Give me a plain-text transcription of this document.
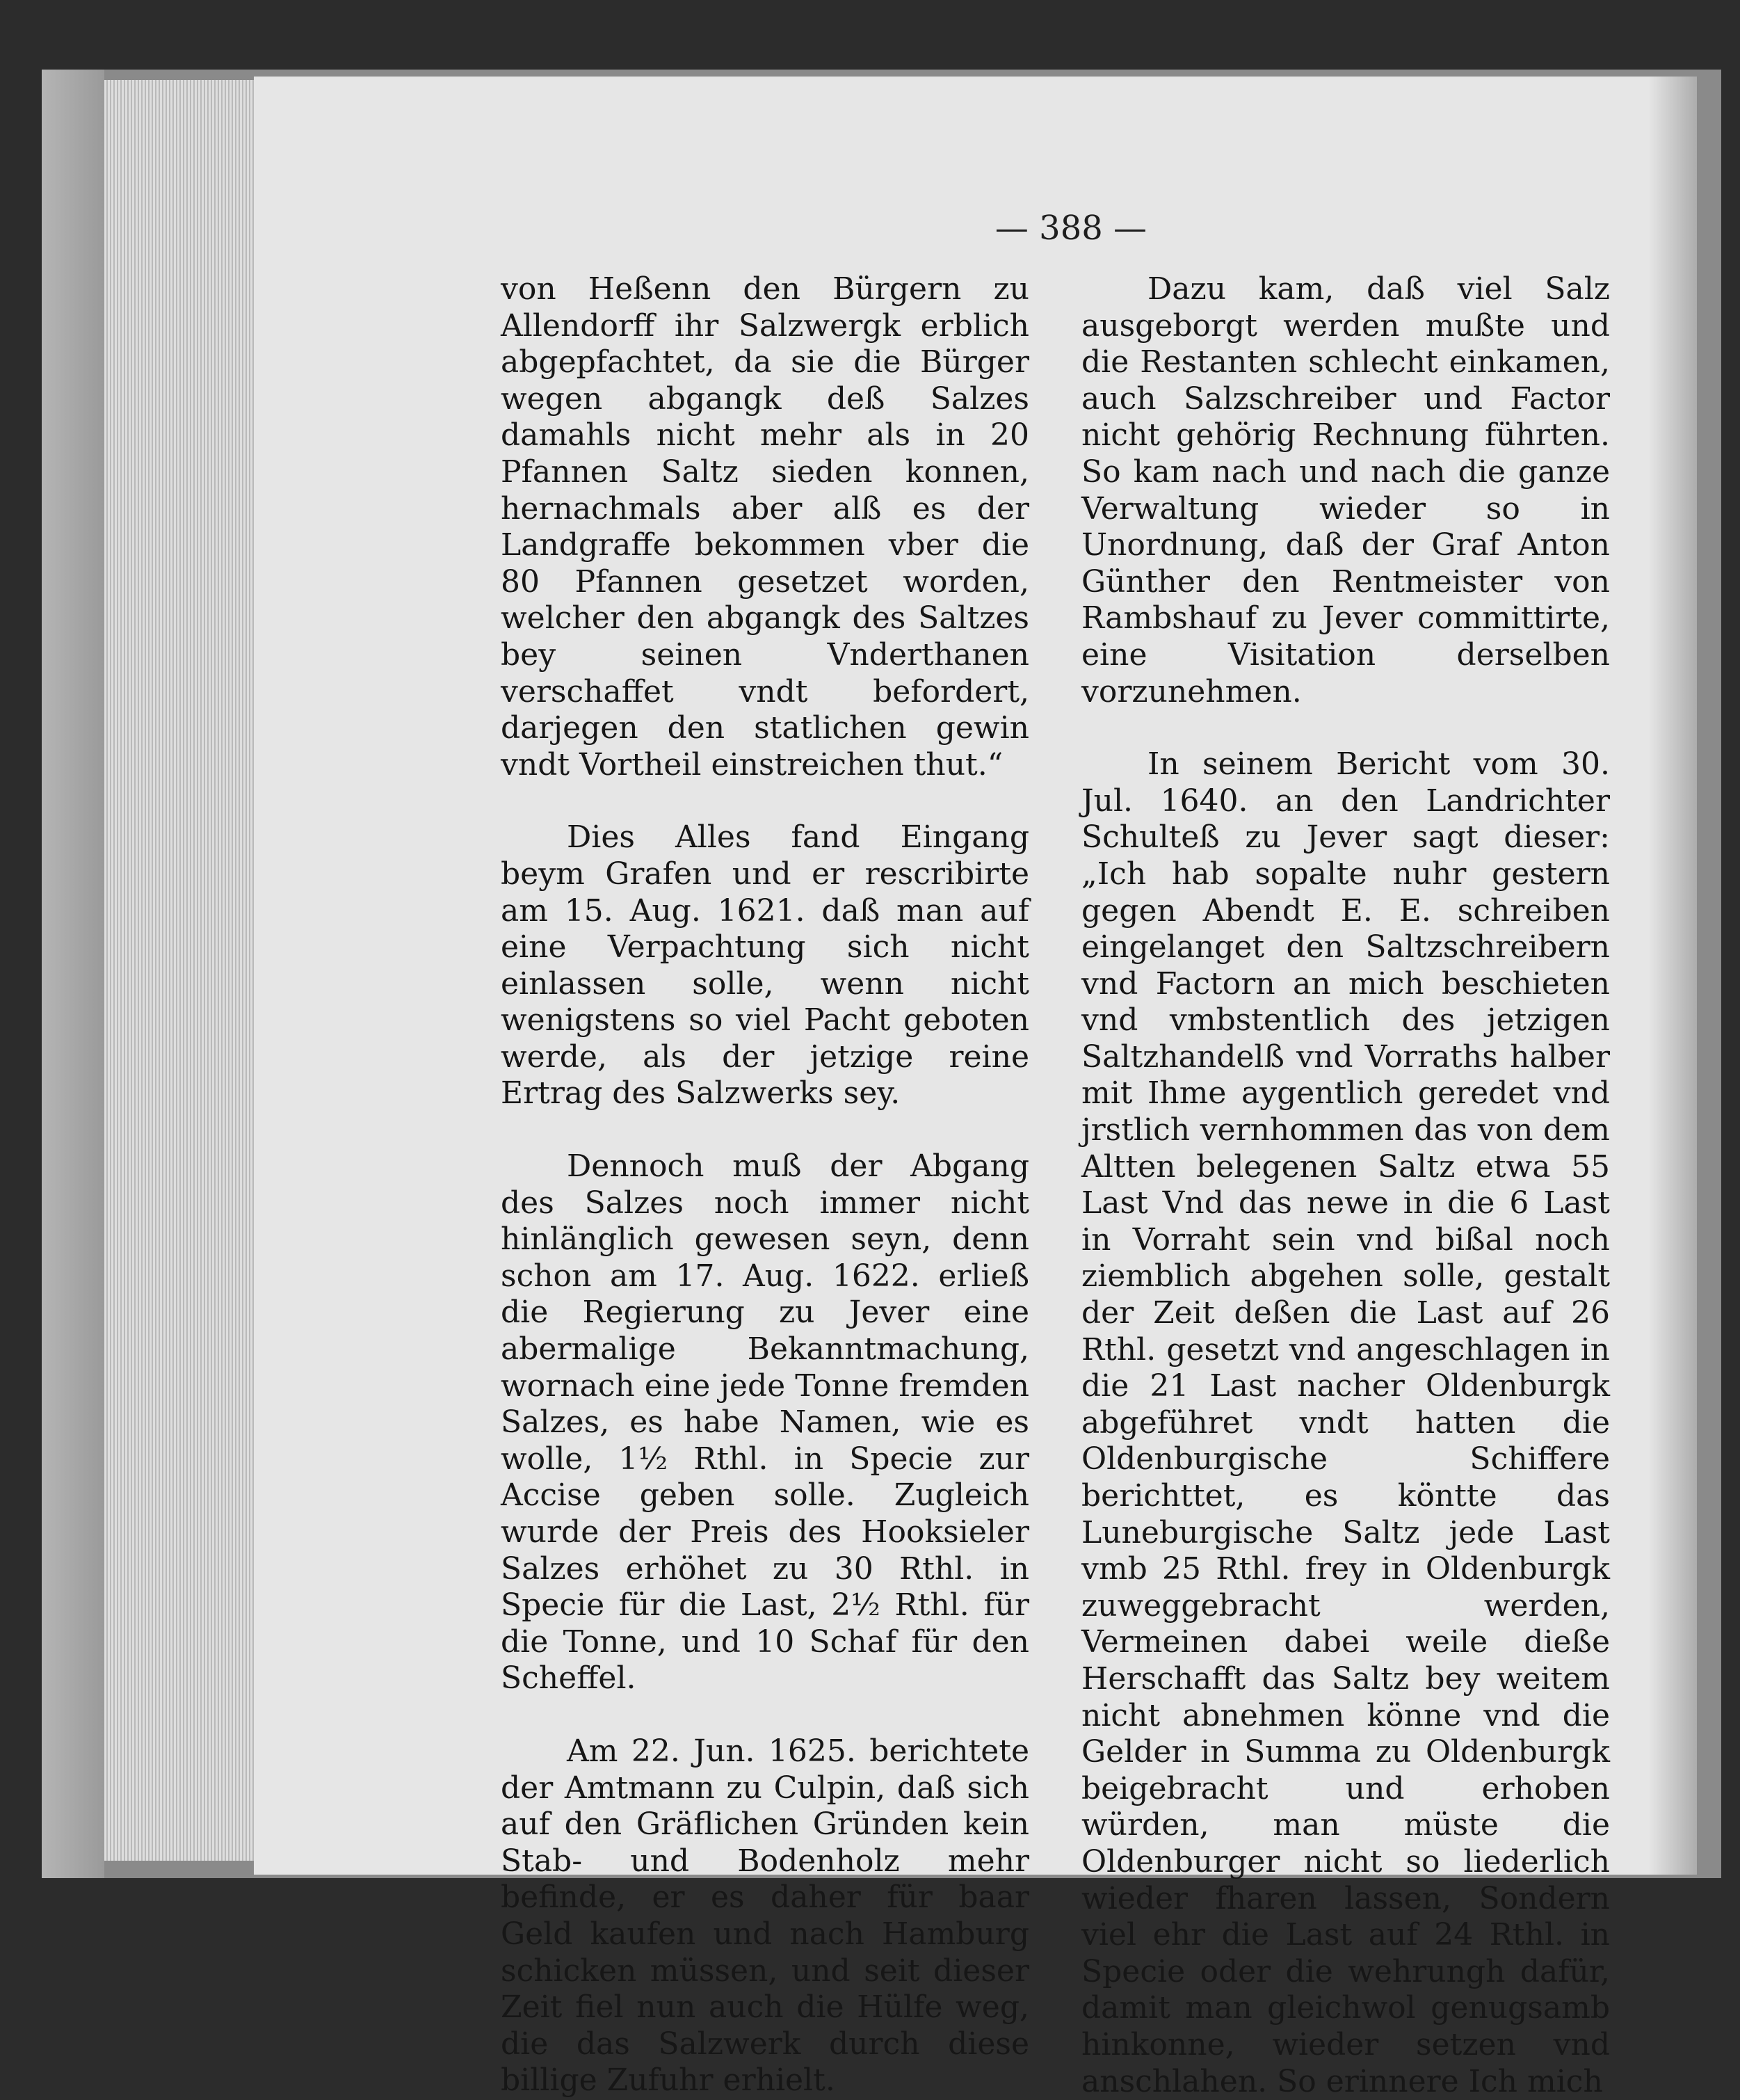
— 388 —

von Heßenn den Bürgern zu Allendorff ihr Salzwergk erblich abgepfachtet, da sie die Bürger wegen abgangk deß Salzes damahls nicht mehr als in 20 Pfannen Saltz sieden konnen, hernachmals aber alß es der Landgraffe bekommen vber die 80 Pfannen gesetzet worden, welcher den abgangk des Saltzes bey seinen Vnderthanen verschaffet vndt befordert, darjegen den statlichen gewin vndt Vortheil einstreichen thut.“

Dies Alles fand Eingang beym Grafen und er rescribirte am 15. Aug. 1621. daß man auf eine Verpachtung sich nicht einlassen solle, wenn nicht wenigstens so viel Pacht geboten werde, als der jetzige reine Ertrag des Salzwerks sey.

Dennoch muß der Abgang des Salzes noch immer nicht hinlänglich gewesen seyn, denn schon am 17. Aug. 1622. erließ die Regierung zu Jever eine abermalige Bekanntmachung, wornach eine jede Tonne fremden Salzes, es habe Namen, wie es wolle, 1½ Rthl. in Specie zur Accise geben solle. Zugleich wurde der Preis des Hooksieler Salzes erhöhet zu 30 Rthl. in Specie für die Last, 2½ Rthl. für die Tonne, und 10 Schaf für den Scheffel.

Am 22. Jun. 1625. berichtete der Amtmann zu Culpin, daß sich auf den Gräflichen Gründen kein Stab- und Bodenholz mehr befinde, er es daher für baar Geld kaufen und nach Hamburg schicken müssen, und seit dieser Zeit fiel nun auch die Hülfe weg, die das Salzwerk durch diese billige Zufuhr erhielt.

Dazu kam, daß viel Salz ausgeborgt werden mußte und die Restanten schlecht einkamen, auch Salzschreiber und Factor nicht gehörig Rechnung führten. So kam nach und nach die ganze Verwaltung wieder so in Unordnung, daß der Graf Anton Günther den Rentmeister von Rambshauf zu Jever committirte, eine Visitation derselben vorzunehmen.

In seinem Bericht vom 30. Jul. 1640. an den Landrichter Schulteß zu Jever sagt dieser: „Ich hab sopalte nuhr gestern gegen Abendt E. E. schreiben eingelanget den Saltzschreibern vnd Factorn an mich beschieten vnd vmbstentlich des jetzigen Saltzhandelß vnd Vorraths halber mit Ihme aygentlich geredet vnd jrstlich vernhommen das von dem Altten belegenen Saltz etwa 55 Last Vnd das newe in die 6 Last in Vorraht sein vnd bißal noch ziemblich abgehen solle, gestalt der Zeit deßen die Last auf 26 Rthl. gesetzt vnd angeschlagen in die 21 Last nacher Oldenburgk abgeführet vndt hatten die Oldenburgische Schiffere berichttet, es köntte das Luneburgische Saltz jede Last vmb 25 Rthl. frey in Oldenburgk zuweggebracht werden, Vermeinen dabei weile dieße Herschafft das Saltz bey weitem nicht abnehmen könne vnd die Gelder in Summa zu Oldenburgk beigebracht und erhoben würden, man müste die Oldenburger nicht so liederlich wieder fharen lassen, Sondern viel ehr die Last auf 24 Rthl. in Specie oder die wehrungh dafür, damit man gleichwol genugsamb hinkonne, wieder setzen vnd anschlahen. So erinnere Ich mich
